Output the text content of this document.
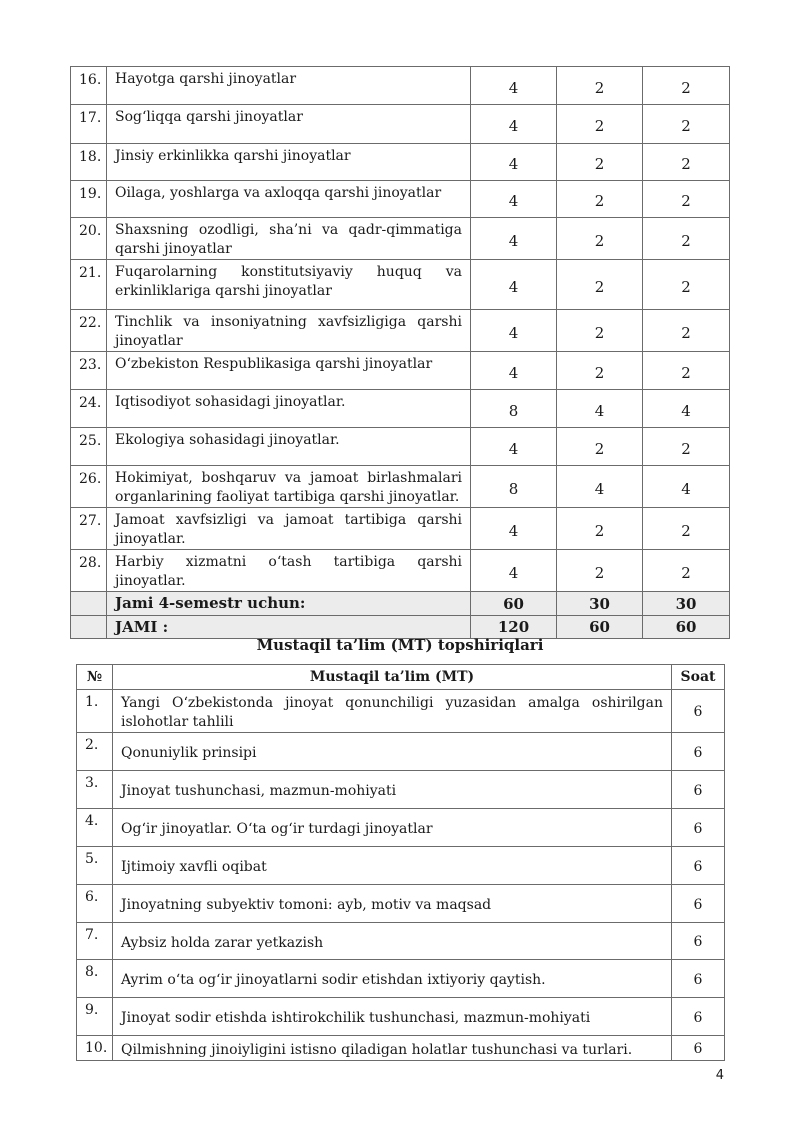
16.	Hayotga qarshi jinoyatlar	4	2	2
17.	Sog‘liqqa qarshi jinoyatlar	4	2	2
18.	Jinsiy erkinlikka qarshi jinoyatlar	4	2	2
19.	Oilaga, yoshlarga va axloqqa qarshi jinoyatlar	4	2	2
20.	Shaxsning ozodligi, sha’ni va qadr-qimmatiga qarshi jinoyatlar	4	2	2
21.	Fuqarolarning konstitutsiyaviy huquq va erkinliklariga qarshi jinoyatlar	4	2	2
22.	Tinchlik va insoniyatning xavfsizligiga qarshi jinoyatlar	4	2	2
23.	O‘zbekiston Respublikasiga qarshi jinoyatlar	4	2	2
24.	Iqtisodiyot sohasidagi jinoyatlar.	8	4	4
25.	Ekologiya sohasidagi jinoyatlar.	4	2	2
26.	Hokimiyat, boshqaruv va jamoat birlashmalari organlarining faoliyat tartibiga qarshi jinoyatlar.	8	4	4
27.	Jamoat xavfsizligi va jamoat tartibiga qarshi jinoyatlar.	4	2	2
28.	Harbiy xizmatni o‘tash tartibiga qarshi jinoyatlar.	4	2	2
	Jami 4-semestr uchun:	60	30	30
	JAMI :	120	60	60
Mustaqil ta’lim (MT) topshiriqlari
№	Mustaqil ta’lim (MT)	Soat
1.	Yangi O‘zbekistonda jinoyat qonunchiligi yuzasidan amalga oshirilgan islohotlar tahlili	6
2.	Qonuniylik prinsipi	6
3.	Jinoyat tushunchasi, mazmun-mohiyati	6
4.	Og‘ir jinoyatlar. O‘ta og‘ir turdagi jinoyatlar	6
5.	Ijtimoiy xavfli oqibat	6
6.	Jinoyatning subyektiv tomoni: ayb, motiv va maqsad	6
7.	Aybsiz holda zarar yetkazish	6
8.	Ayrim o‘ta og‘ir jinoyatlarni sodir etishdan ixtiyoriy qaytish.	6
9.	Jinoyat sodir etishda ishtirokchilik tushunchasi, mazmun-mohiyati	6
10.	Qilmishning jinoiyligini istisno qiladigan holatlar tushunchasi va turlari.	6
4
